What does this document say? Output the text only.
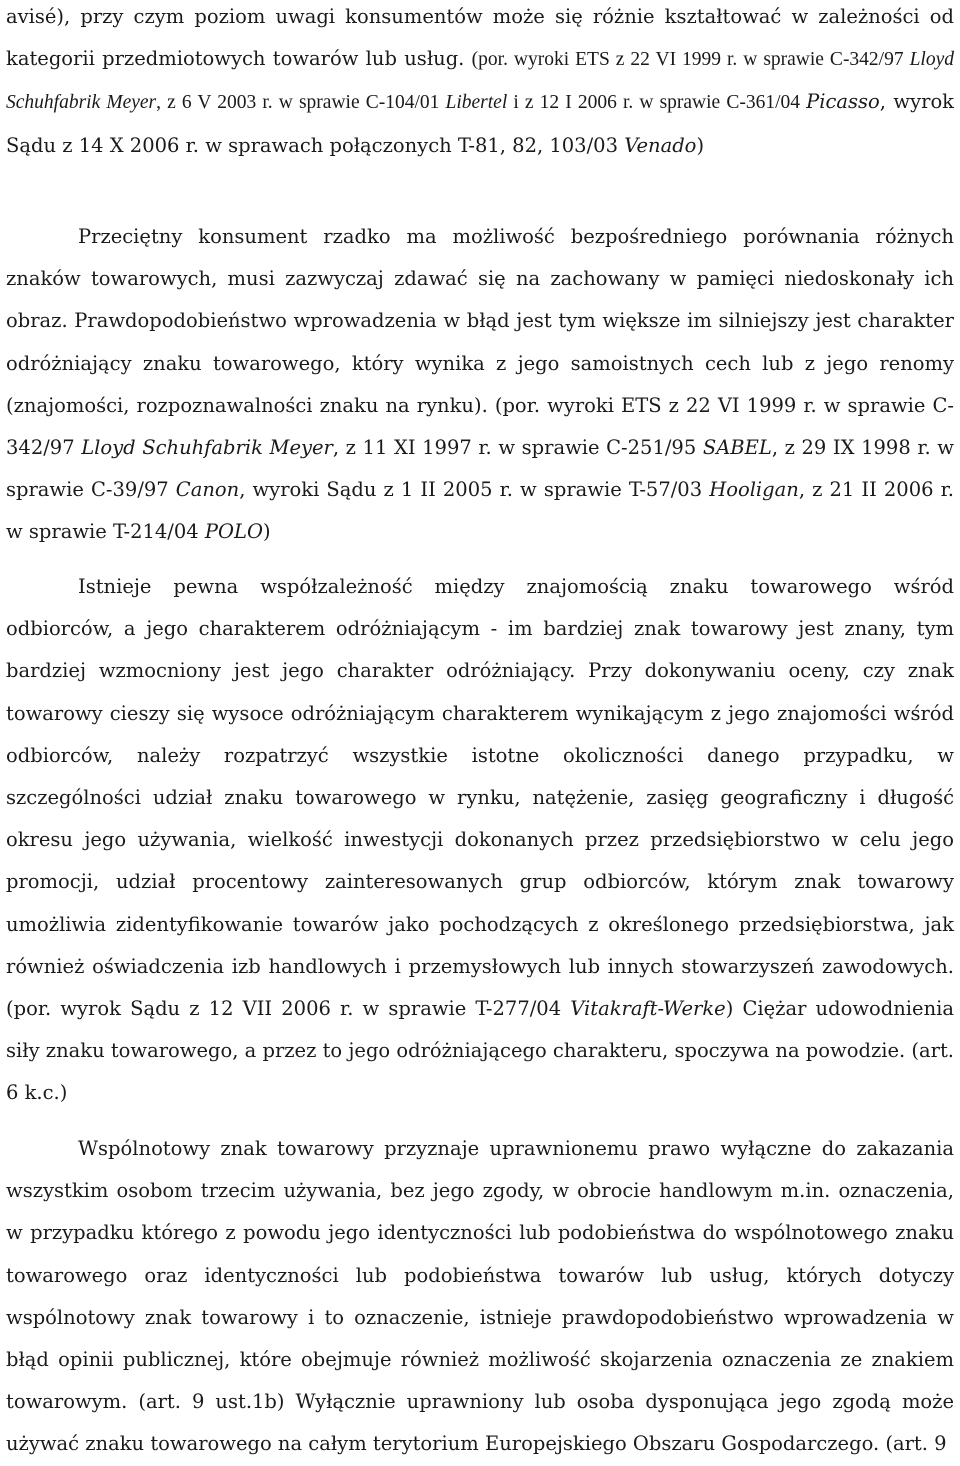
avisé), przy czym poziom uwagi konsumentów może się różnie kształtować w zależności od kategorii przedmiotowych towarów lub usług. (por. wyroki ETS z 22 VI 1999 r. w sprawie C-342/97 Lloyd Schuhfabrik Meyer, z 6 V 2003 r. w sprawie C-104/01 Libertel i z 12 I 2006 r. w sprawie C-361/04 Picasso, wyrok Sądu z 14 X 2006 r. w sprawach połączonych T-81, 82, 103/03 Venado)

Przeciętny konsument rzadko ma możliwość bezpośredniego porównania różnych znaków towarowych, musi zazwyczaj zdawać się na zachowany w pamięci niedoskonały ich obraz. Prawdopodobieństwo wprowadzenia w błąd jest tym większe im silniejszy jest charakter odróżniający znaku towarowego, który wynika z jego samoistnych cech lub z jego renomy (znajomości, rozpoznawalności znaku na rynku). (por. wyroki ETS z 22 VI 1999 r. w sprawie C-342/97 Lloyd Schuhfabrik Meyer, z 11 XI 1997 r. w sprawie C-251/95 SABEL, z 29 IX 1998 r. w sprawie C-39/97 Canon, wyroki Sądu z 1 II 2005 r. w sprawie T-57/03 Hooligan, z 21 II 2006 r. w sprawie T-214/04 POLO)

Istnieje pewna współzależność między znajomością znaku towarowego wśród odbiorców, a jego charakterem odróżniającym - im bardziej znak towarowy jest znany, tym bardziej wzmocniony jest jego charakter odróżniający. Przy dokonywaniu oceny, czy znak towarowy cieszy się wysoce odróżniającym charakterem wynikającym z jego znajomości wśród odbiorców, należy rozpatrzyć wszystkie istotne okoliczności danego przypadku, w szczególności udział znaku towarowego w rynku, natężenie, zasięg geograficzny i długość okresu jego używania, wielkość inwestycji dokonanych przez przedsiębiorstwo w celu jego promocji, udział procentowy zainteresowanych grup odbiorców, którym znak towarowy umożliwia zidentyfikowanie towarów jako pochodzących z określonego przedsiębiorstwa, jak również oświadczenia izb handlowych i przemysłowych lub innych stowarzyszeń zawodowych. (por. wyrok Sądu z 12 VII 2006 r. w sprawie T-277/04 Vitakraft-Werke) Ciężar udowodnienia siły znaku towarowego, a przez to jego odróżniającego charakteru, spoczywa na powodzie. (art. 6 k.c.)

Wspólnotowy znak towarowy przyznaje uprawnionemu prawo wyłączne do zakazania wszystkim osobom trzecim używania, bez jego zgody, w obrocie handlowym m.in. oznaczenia, w przypadku którego z powodu jego identyczności lub podobieństwa do wspólnotowego znaku towarowego oraz identyczności lub podobieństwa towarów lub usług, których dotyczy wspólnotowy znak towarowy i to oznaczenie, istnieje prawdopodobieństwo wprowadzenia w błąd opinii publicznej, które obejmuje również możliwość skojarzenia oznaczenia ze znakiem towarowym. (art. 9 ust.1b) Wyłącznie uprawniony lub osoba dysponująca jego zgodą może używać znaku towarowego na całym terytorium Europejskiego Obszaru Gospodarczego. (art. 9
